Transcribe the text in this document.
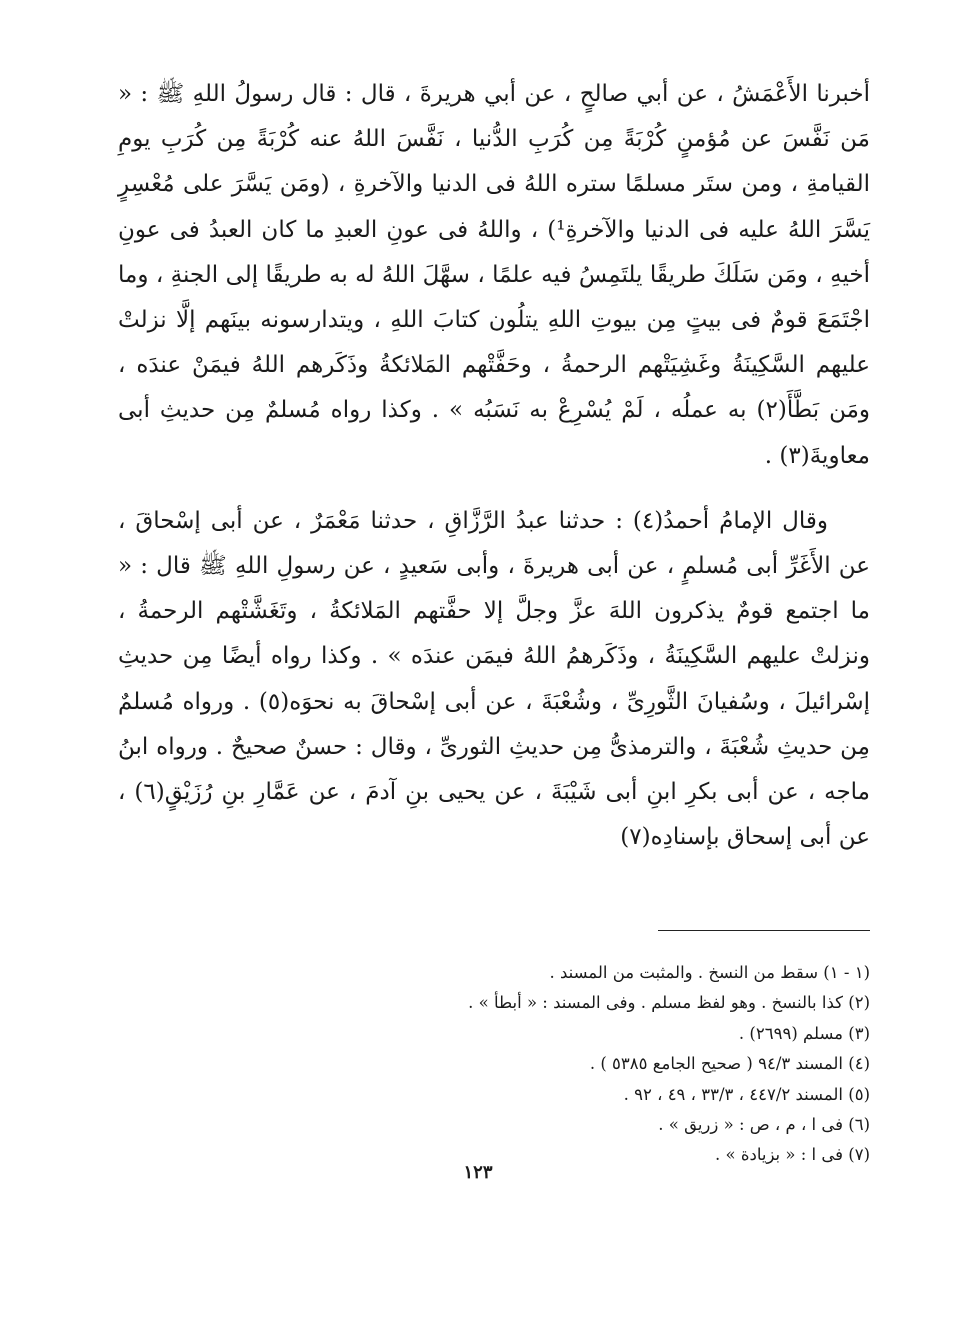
أخبرنا الأَعْمَشُ ، عن أبي صالحٍ ، عن أبي هريرةَ ، قال : قال رسولُ اللهِ ﷺ : « مَن نَفَّسَ عن مُؤمنٍ كُرْبَةً مِن كُرَبِ الدُّنيا ، نَفَّسَ اللهُ عنه كُرْبَةً مِن كُرَبِ يومِ القيامةِ ، ومن ستَر مسلمًا ستره اللهُ فى الدنيا والآخرةِ ، (ومَن يَسَّرَ على مُعْسِرٍ يَسَّرَ اللهُ عليه فى الدنيا والآخرةِ¹) ، واللهُ فى عونِ العبدِ ما كان العبدُ فى عونِ أخيهِ ، ومَن سَلَكَ طريقًا يلتَمِسُ فيه علمًا ، سهَّلَ اللهُ له به طريقًا إلى الجنةِ ، وما اجْتَمَعَ قومٌ فى بيتٍ مِن بيوتِ اللهِ يتلُون كتابَ اللهِ ، ويتدارسونه بينَهم إلَّا نزلتْ عليهم السَّكِينَةُ وغَشِيَتْهم الرحمةُ ، وحَفَّتْهم المَلائكةُ وذَكَرهم اللهُ فيمَنْ عندَه ، ومَن بَطَّأَ(٢) به عملُه ، لَمْ يُسْرِعْ به نَسَبُه » . وكذا رواه مُسلمٌ مِن حديثِ أبى معاويةَ(٣) .

وقال الإمامُ أحمدُ(٤) : حدثنا عبدُ الرَّزَّاقِ ، حدثنا مَعْمَرٌ ، عن أبى إسْحاقَ ، عن الأَغَرِّ أبى مُسلمٍ ، عن أبى هريرةَ ، وأبى سَعيدٍ ، عن رسولِ اللهِ ﷺ قال : « ما اجتمع قومٌ يذكرون اللهَ عزَّ وجلَّ إلا حفَّتهم المَلائكةُ ، وتَغَشَّتْهم الرحمةُ ، ونزلتْ عليهم السَّكِينَةُ ، وذَكَرهمُ اللهُ فيمَن عندَه » . وكذا رواه أيضًا مِن حديثِ إسْرائيلَ ، وسُفيانَ الثَّورِىِّ ، وشُعْبَةَ ، عن أبى إسْحاقَ به نحوَه(٥) . ورواه مُسلمٌ مِن حديثِ شُعْبَةَ ، والترمذىُّ مِن حديثِ الثورىِّ ، وقال : حسنٌ صحيحٌ . ورواه ابنُ ماجه ، عن أبى بكرِ ابنِ أبى شَيْبَةَ ، عن يحيى بنِ آدمَ ، عن عَمَّارِ بنِ رُزَيْقٍ(٦) ، عن أبى إسحاق بإسنادِه(٧)

(١ - ١) سقط من النسخ . والمثبت من المسند .

(٢) كذا بالنسخ . وهو لفظ مسلم . وفى المسند : « أبطأ » .

(٣) مسلم (٢٦٩٩) .

(٤) المسند ٩٤/٣ ( صحيح الجامع ٥٣٨٥ ) .

(٥) المسند ٤٤٧/٢ ، ٣٣/٣ ، ٤٩ ، ٩٢ .

(٦) فى ا ، م ، ص : « زريق » .

(٧) فى ا : « بزيادة » .

١٢٣
